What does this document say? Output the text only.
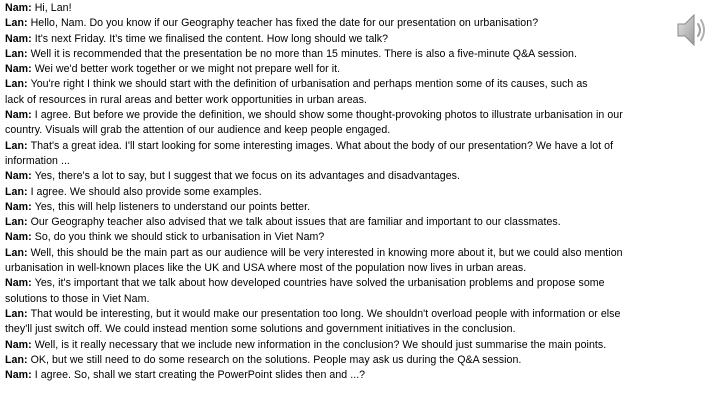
Nam : Hi, Lan!
Lan : Hello, Nam. Do you know if our Geography teacher has fixed the date for our presentation on urbanisation?
Nam : It's next Friday. It's time we finalised the content. How long should we talk?
Lan : Well it is recommended that the presentation be no more than 15 minutes. There is also a five-minute Q&A session.
Nam : Wei we'd better work together or we might not prepare well for it.
Lan : You're right I think we should start with the definition of urbanisation and perhaps mention some of its causes, such as
lack of resources in rural areas and better work opportunities in urban areas.
Nam : I agree. But before we provide the definition, we should show some thought-provoking photos to illustrate urbanisation in our
country. Visuals will grab the attention of our audience and keep people engaged.
Lan : That's a great idea. I'll start looking for some interesting images. What about the body of our presentation? We have a lot of
information ...
Nam : Yes, there's a lot to say, but I suggest that we focus on its advantages and disadvantages.
Lan : I agree. We should also provide some examples.
Nam : Yes, this will help listeners to understand our points better.
Lan : Our Geography teacher also advised that we talk about issues that are familiar and important to our classmates.
Nam : So, do you think we should stick to urbanisation in Viet Nam?
Lan : Well, this should be the main part as our audience will be very interested in knowing more about it, but we could also mention
urbanisation in well-known places like the UK and USA where most of the population now lives in urban areas.
Nam : Yes, it's important that we talk about how developed countries have solved the urbanisation problems and propose some
solutions to those in Viet Nam.
Lan : That would be interesting, but it would make our presentation too long. We shouldn't overload people with information or else
they'll just switch off. We could instead mention some solutions and government initiatives in the conclusion.
Nam : Well, is it really necessary that we include new information in the conclusion? We should just summarise the main points.
Lan : OK, but we still need to do some research on the solutions. People may ask us during the Q&A session.
Nam : I agree. So, shall we start creating the PowerPoint slides then and ...?
